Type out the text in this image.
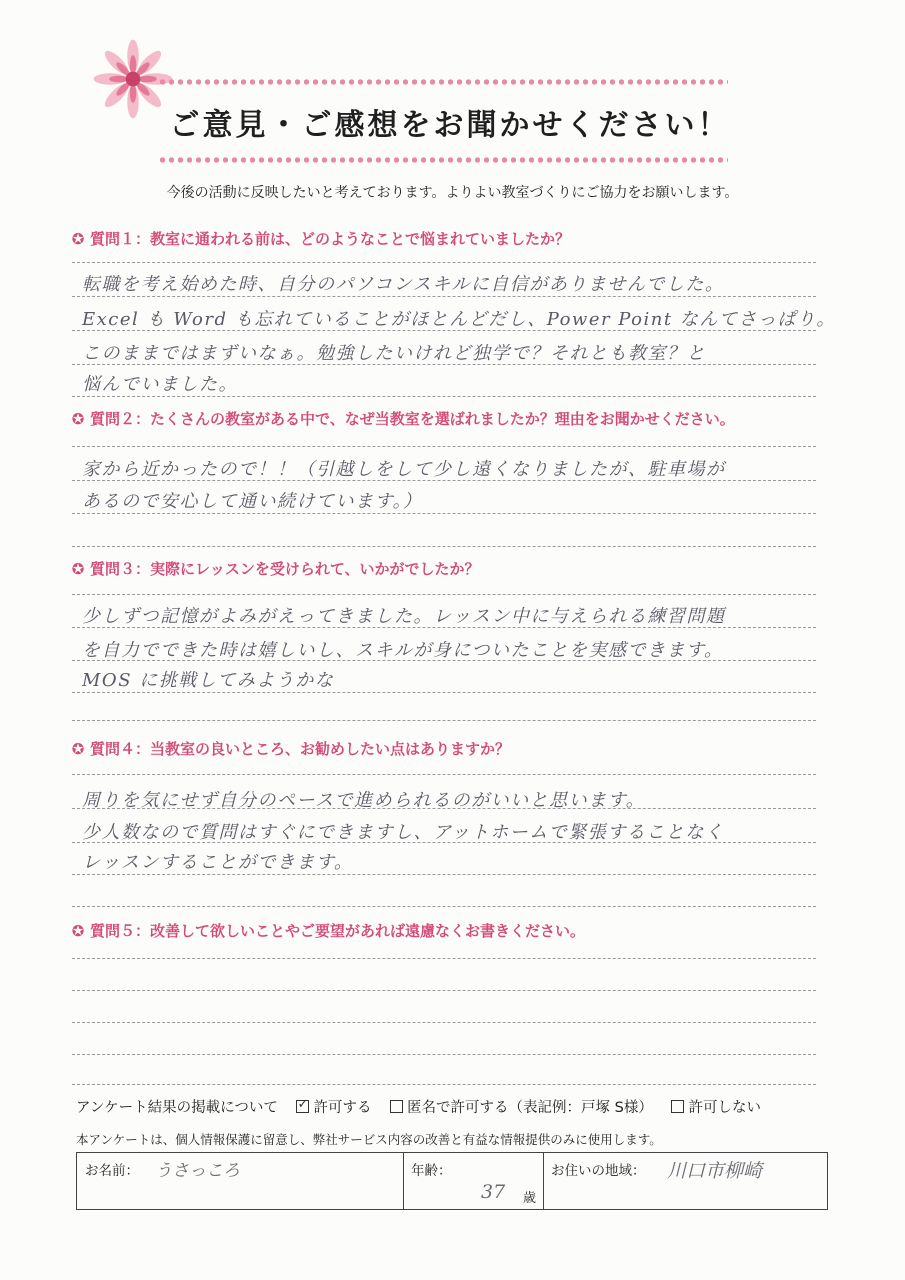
ご意見・ご感想をお聞かせください！
今後の活動に反映したいと考えております。よりよい教室づくりにご協力をお願いします。
✪ 質問１：教室に通われる前は、どのようなことで悩まれていましたか？
転職を考え始めた時、自分のパソコンスキルに自信がありませんでした。
Excel も Word も忘れていることがほとんどだし、Power Point なんてさっぱり。
このままではまずいなぁ。勉強したいけれど独学で？それとも教室？と
悩んでいました。
✪ 質問２：たくさんの教室がある中で、なぜ当教室を選ばれましたか？理由をお聞かせください。
家から近かったので！！（引越しをして少し遠くなりましたが、駐車場が
あるので安心して通い続けています。）
✪ 質問３：実際にレッスンを受けられて、いかがでしたか？
少しずつ記憶がよみがえってきました。レッスン中に与えられる練習問題
を自力でできた時は嬉しいし、スキルが身についたことを実感できます。
MOS に挑戦してみようかな
✪ 質問４：当教室の良いところ、お勧めしたい点はありますか？
周りを気にせず自分のペースで進められるのがいいと思います。
少人数なので質問はすぐにできますし、アットホームで緊張することなく
レッスンすることができます。
✪ 質問５：改善して欲しいことやご要望があれば遠慮なくお書きください。
アンケート結果の掲載について ✓ 許可する 匿名で許可する（表記例：戸塚 S様） 許可しない
本アンケートは、個人情報保護に留意し、弊社サービス内容の改善と有益な情報提供のみに使用します。
お名前： うさっころ	年齢：
37 歳
お住いの地域： 川口市柳崎
